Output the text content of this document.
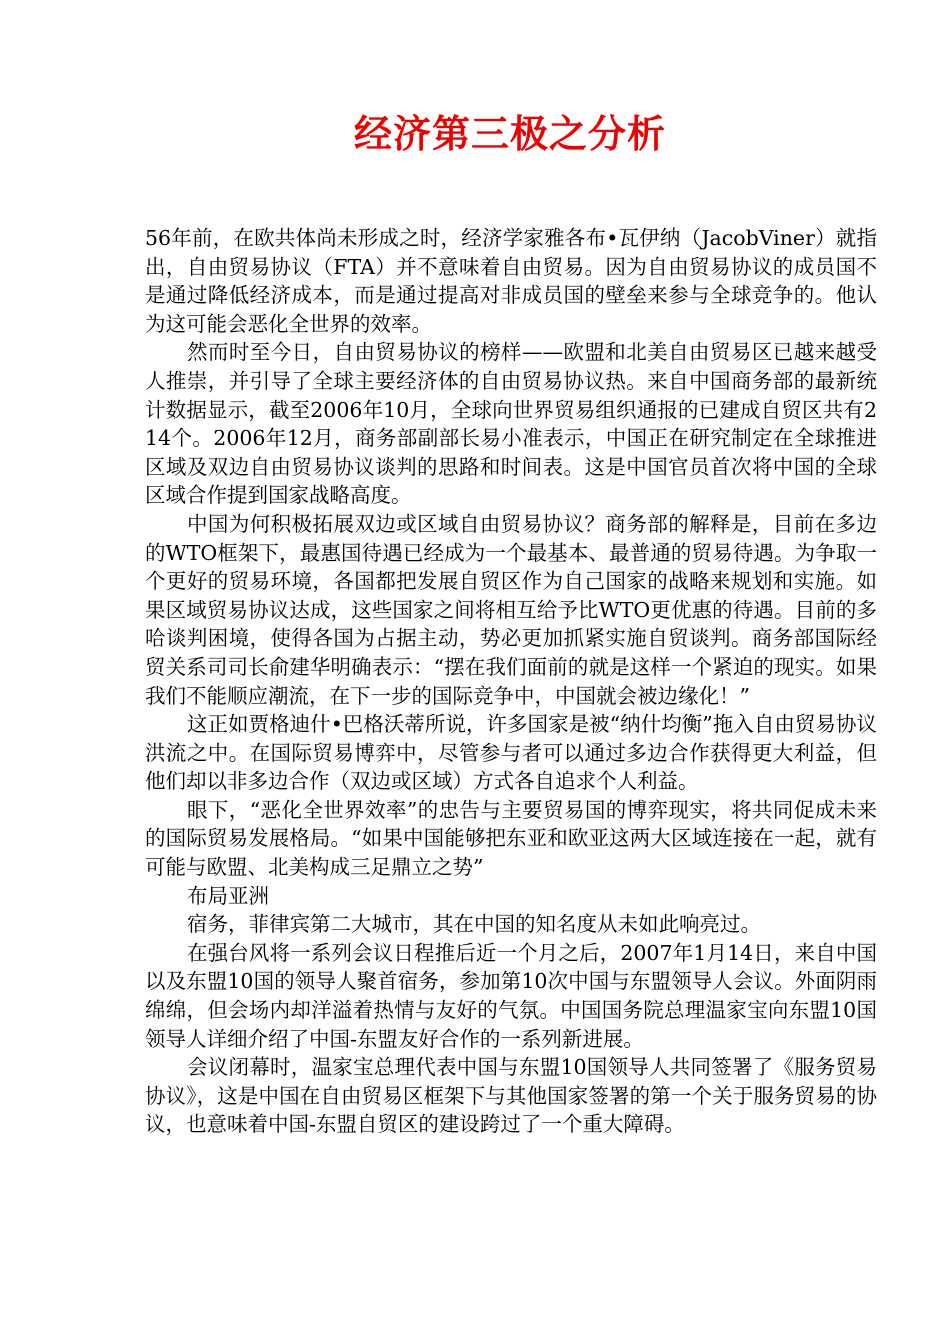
经济第三极之分析

56年前，在欧共体尚未形成之时，经济学家雅各布•瓦伊纳（JacobViner）就指出，自由贸易协议（FTA）并不意味着自由贸易。因为自由贸易协议的成员国不是通过降低经济成本，而是通过提高对非成员国的壁垒来参与全球竞争的。他认为这可能会恶化全世界的效率。

然而时至今日，自由贸易协议的榜样——欧盟和北美自由贸易区已越来越受人推崇，并引导了全球主要经济体的自由贸易协议热。来自中国商务部的最新统计数据显示，截至2006年10月，全球向世界贸易组织通报的已建成自贸区共有214个。2006年12月，商务部副部长易小准表示，中国正在研究制定在全球推进区域及双边自由贸易协议谈判的思路和时间表。这是中国官员首次将中国的全球区域合作提到国家战略高度。

中国为何积极拓展双边或区域自由贸易协议？商务部的解释是，目前在多边的WTO框架下，最惠国待遇已经成为一个最基本、最普通的贸易待遇。为争取一个更好的贸易环境，各国都把发展自贸区作为自己国家的战略来规划和实施。如果区域贸易协议达成，这些国家之间将相互给予比WTO更优惠的待遇。目前的多哈谈判困境，使得各国为占据主动，势必更加抓紧实施自贸谈判。商务部国际经贸关系司司长俞建华明确表示：“摆在我们面前的就是这样一个紧迫的现实。如果我们不能顺应潮流，在下一步的国际竞争中，中国就会被边缘化！”

这正如贾格迪什•巴格沃蒂所说，许多国家是被“纳什均衡”拖入自由贸易协议洪流之中。在国际贸易博弈中，尽管参与者可以通过多边合作获得更大利益，但他们却以非多边合作（双边或区域）方式各自追求个人利益。

眼下，“恶化全世界效率”的忠告与主要贸易国的博弈现实，将共同促成未来的国际贸易发展格局。“如果中国能够把东亚和欧亚这两大区域连接在一起，就有可能与欧盟、北美构成三足鼎立之势”

布局亚洲

宿务，菲律宾第二大城市，其在中国的知名度从未如此响亮过。

在强台风将一系列会议日程推后近一个月之后，2007年1月14日，来自中国以及东盟10国的领导人聚首宿务，参加第10次中国与东盟领导人会议。外面阴雨绵绵，但会场内却洋溢着热情与友好的气氛。中国国务院总理温家宝向东盟10国领导人详细介绍了中国-东盟友好合作的一系列新进展。

会议闭幕时，温家宝总理代表中国与东盟10国领导人共同签署了《服务贸易协议》，这是中国在自由贸易区框架下与其他国家签署的第一个关于服务贸易的协议，也意味着中国-东盟自贸区的建设跨过了一个重大障碍。
